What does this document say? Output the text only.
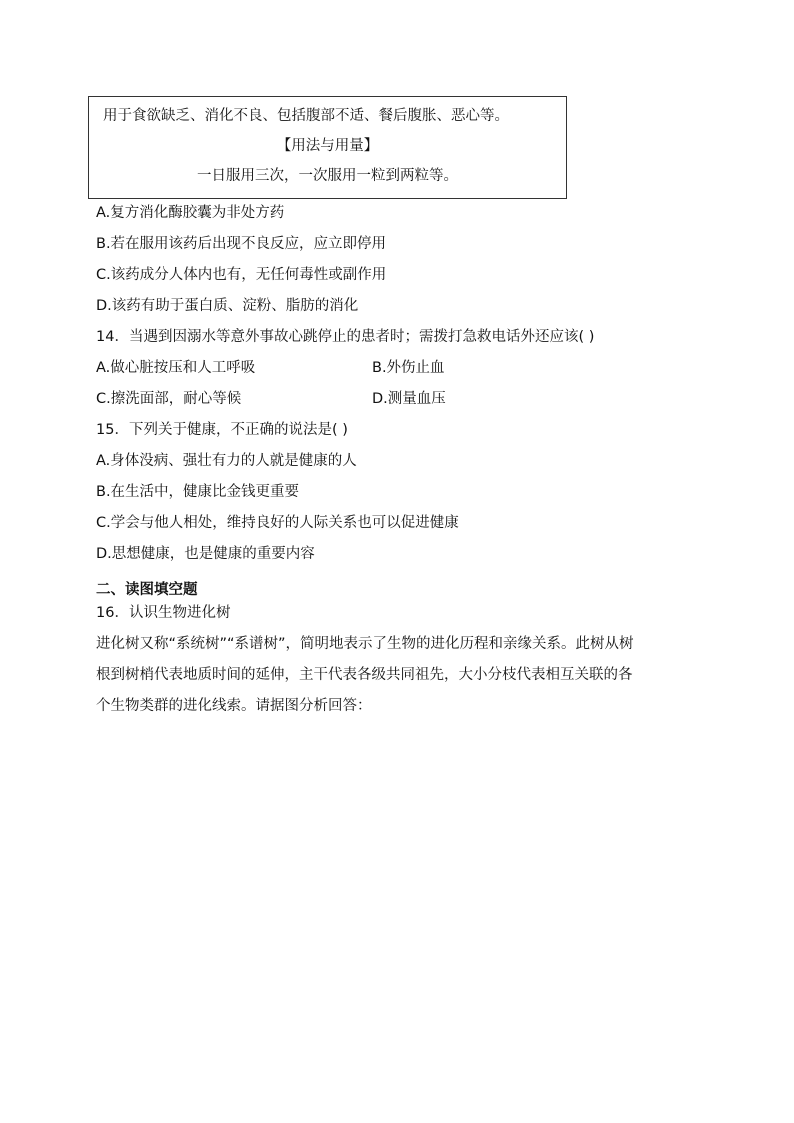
用于食欲缺乏、消化不良、包括腹部不适、餐后腹胀、恶心等。
【用法与用量】
一日服用三次，一次服用一粒到两粒等。
A.复方消化酶胶囊为非处方药
B.若在服用该药后出现不良反应，应立即停用
C.该药成分人体内也有，无任何毒性或副作用
D.该药有助于蛋白质、淀粉、脂肪的消化
14．当遇到因溺水等意外事故心跳停止的患者时；需拨打急救电话外还应该( )
A.做心脏按压和人工呼吸	B.外伤止血
C.擦洗面部，耐心等候	D.测量血压
15．下列关于健康，不正确的说法是( )
A.身体没病、强壮有力的人就是健康的人
B.在生活中，健康比金钱更重要
C.学会与他人相处，维持良好的人际关系也可以促进健康
D.思想健康，也是健康的重要内容
二、读图填空题
16．认识生物进化树
进化树又称“系统树”“系谱树”，简明地表示了生物的进化历程和亲缘关系。此树从树
根到树梢代表地质时间的延伸，主干代表各级共同祖先，大小分枝代表相互关联的各
个生物类群的进化线索。请据图分析回答：
